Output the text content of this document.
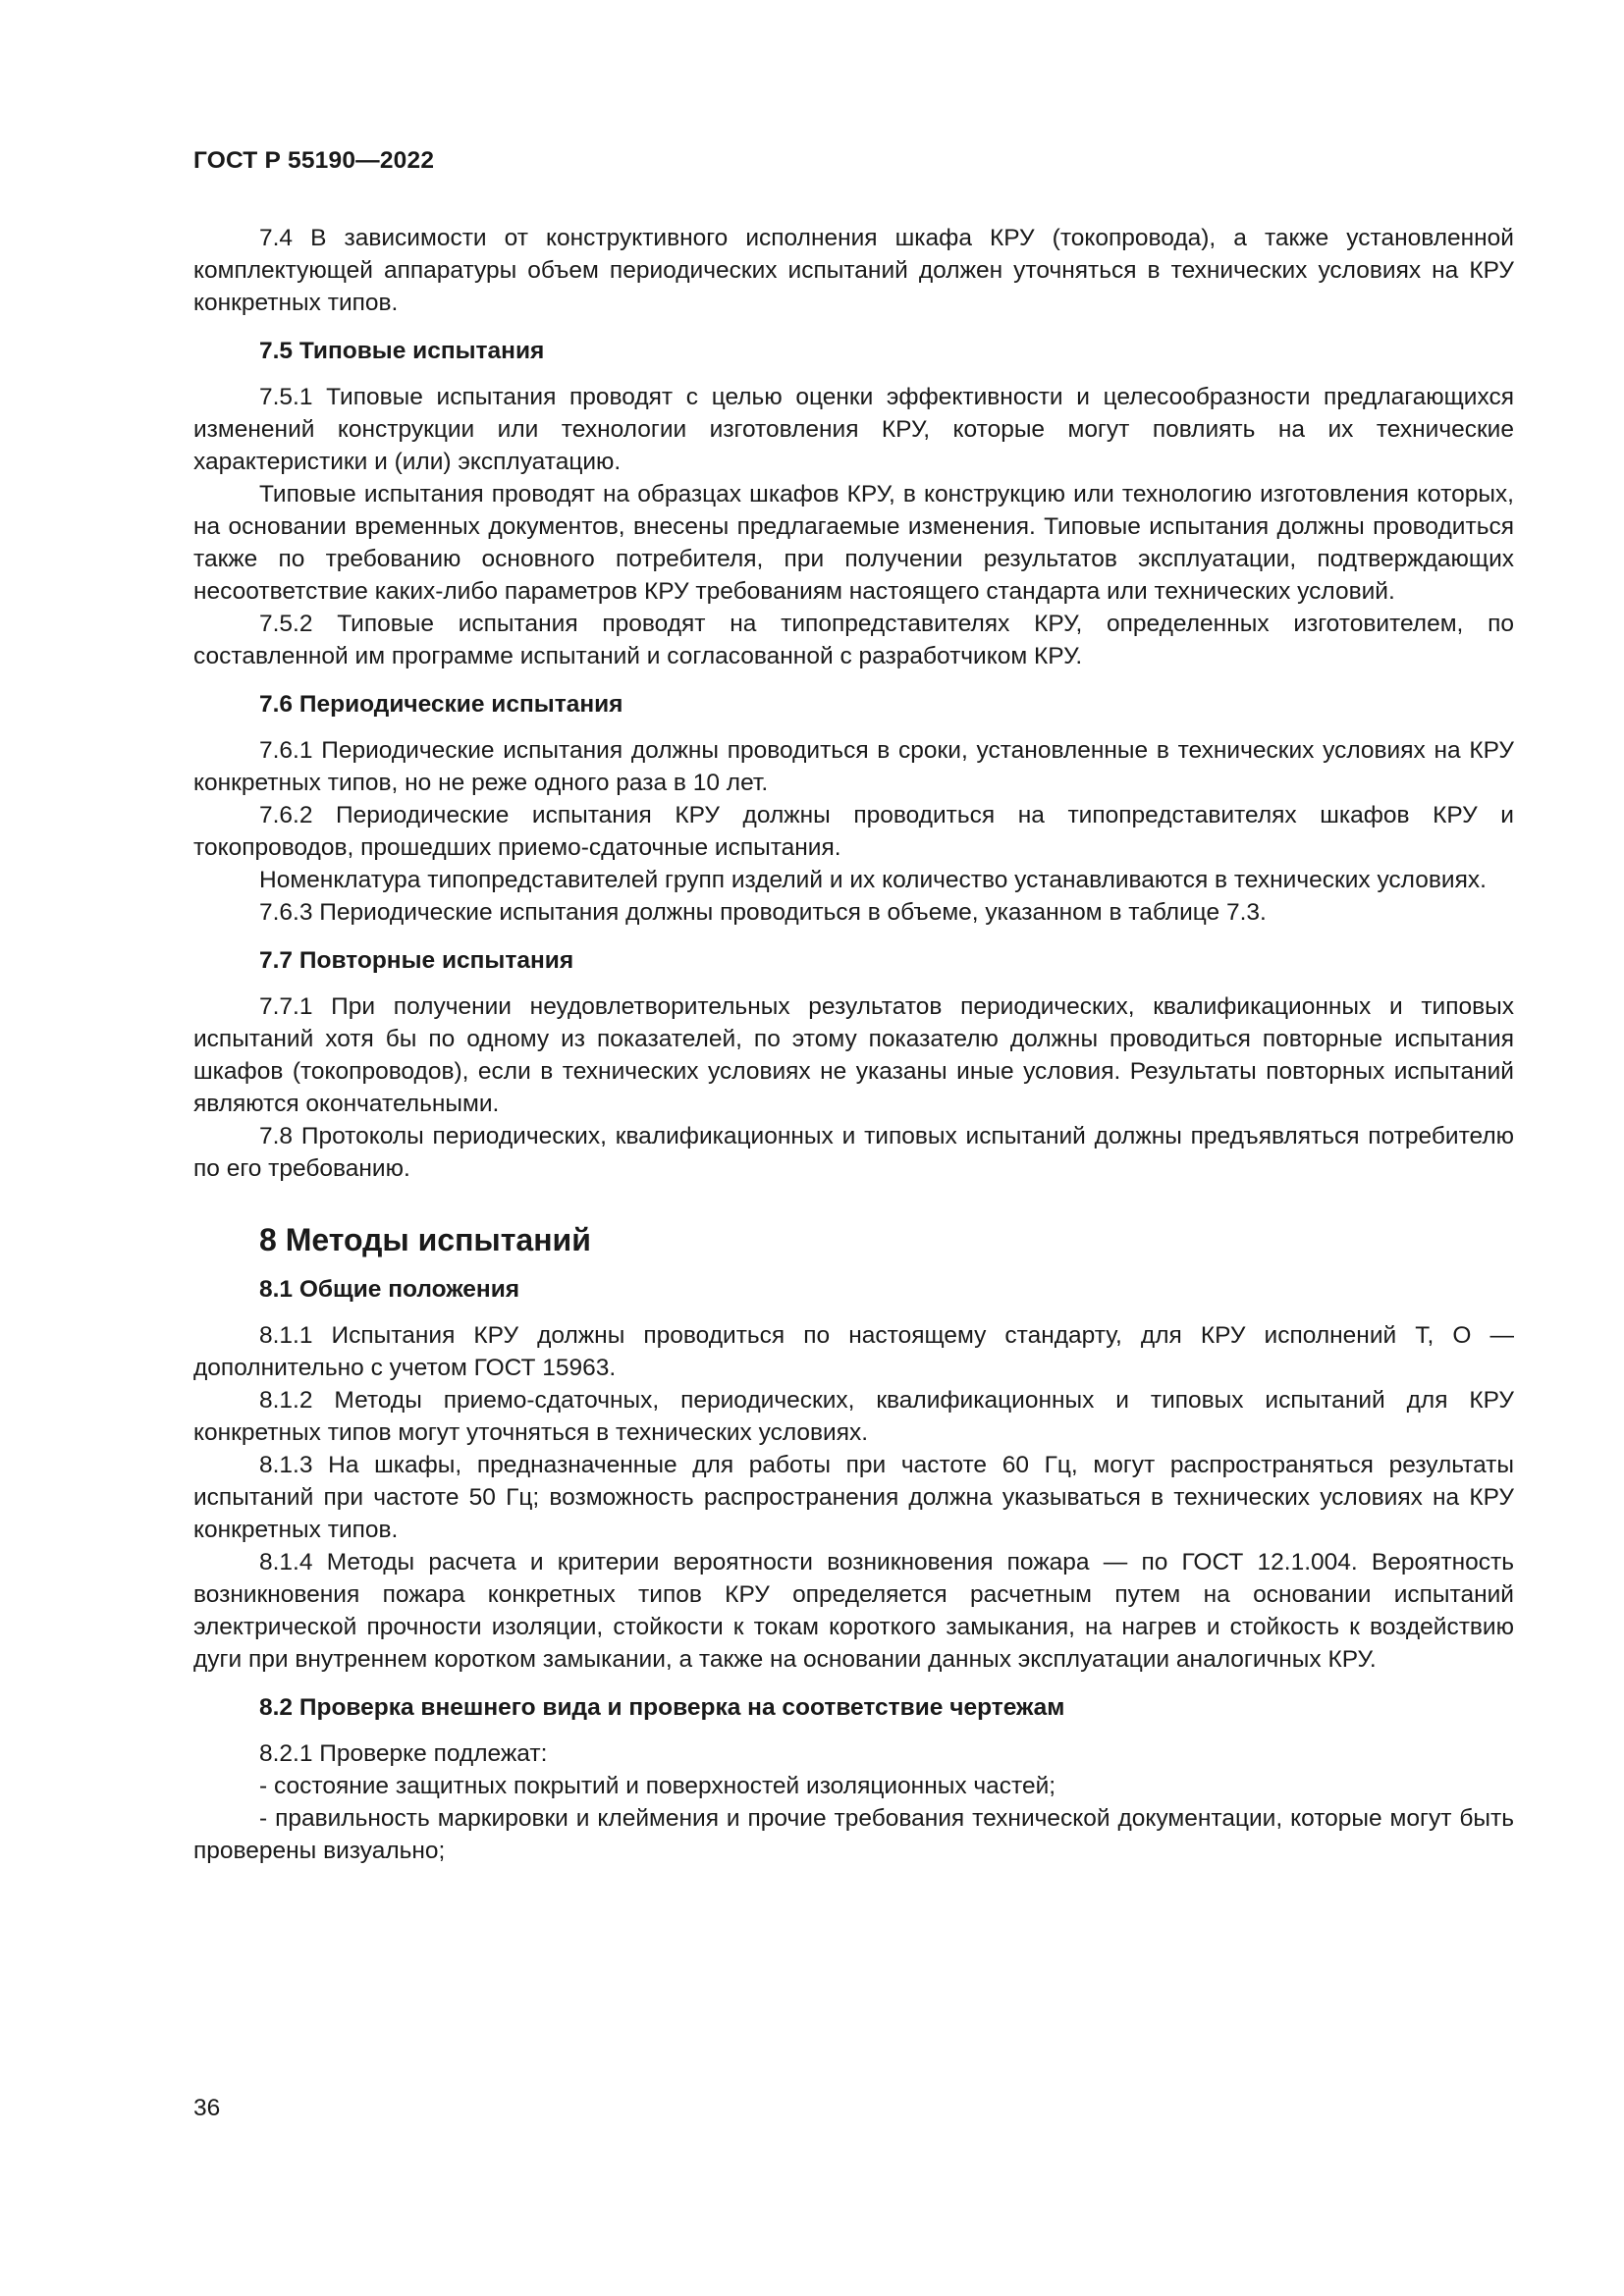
ГОСТ Р 55190—2022

7.4 В зависимости от конструктивного исполнения шкафа КРУ (токопровода), а также установленной комплектующей аппаратуры объем периодических испытаний должен уточняться в технических условиях на КРУ конкретных типов.

7.5 Типовые испытания

7.5.1 Типовые испытания проводят с целью оценки эффективности и целесообразности предлагающихся изменений конструкции или технологии изготовления КРУ, которые могут повлиять на их технические характеристики и (или) эксплуатацию.

Типовые испытания проводят на образцах шкафов КРУ, в конструкцию или технологию изготовления которых, на основании временных документов, внесены предлагаемые изменения. Типовые испытания должны проводиться также по требованию основного потребителя, при получении результатов эксплуатации, подтверждающих несоответствие каких-либо параметров КРУ требованиям настоящего стандарта или технических условий.

7.5.2 Типовые испытания проводят на типопредставителях КРУ, определенных изготовителем, по составленной им программе испытаний и согласованной с разработчиком КРУ.

7.6 Периодические испытания

7.6.1 Периодические испытания должны проводиться в сроки, установленные в технических условиях на КРУ конкретных типов, но не реже одного раза в 10 лет.

7.6.2 Периодические испытания КРУ должны проводиться на типопредставителях шкафов КРУ и токопроводов, прошедших приемо-сдаточные испытания.

Номенклатура типопредставителей групп изделий и их количество устанавливаются в технических условиях.

7.6.3 Периодические испытания должны проводиться в объеме, указанном в таблице 7.3.

7.7 Повторные испытания

7.7.1 При получении неудовлетворительных результатов периодических, квалификационных и типовых испытаний хотя бы по одному из показателей, по этому показателю должны проводиться повторные испытания шкафов (токопроводов), если в технических условиях не указаны иные условия. Результаты повторных испытаний являются окончательными.

7.8 Протоколы периодических, квалификационных и типовых испытаний должны предъявляться потребителю по его требованию.

8 Методы испытаний
8.1 Общие положения

8.1.1 Испытания КРУ должны проводиться по настоящему стандарту, для КРУ исполнений Т, О — дополнительно с учетом ГОСТ 15963.

8.1.2 Методы приемо-сдаточных, периодических, квалификационных и типовых испытаний для КРУ конкретных типов могут уточняться в технических условиях.

8.1.3 На шкафы, предназначенные для работы при частоте 60 Гц, могут распространяться результаты испытаний при частоте 50 Гц; возможность распространения должна указываться в технических условиях на КРУ конкретных типов.

8.1.4 Методы расчета и критерии вероятности возникновения пожара — по ГОСТ 12.1.004. Вероятность возникновения пожара конкретных типов КРУ определяется расчетным путем на основании испытаний электрической прочности изоляции, стойкости к токам короткого замыкания, на нагрев и стойкость к воздействию дуги при внутреннем коротком замыкании, а также на основании данных эксплуатации аналогичных КРУ.

8.2 Проверка внешнего вида и проверка на соответствие чертежам

8.2.1 Проверке подлежат:

- состояние защитных покрытий и поверхностей изоляционных частей;

- правильность маркировки и клеймения и прочие требования технической документации, которые могут быть проверены визуально;

36
